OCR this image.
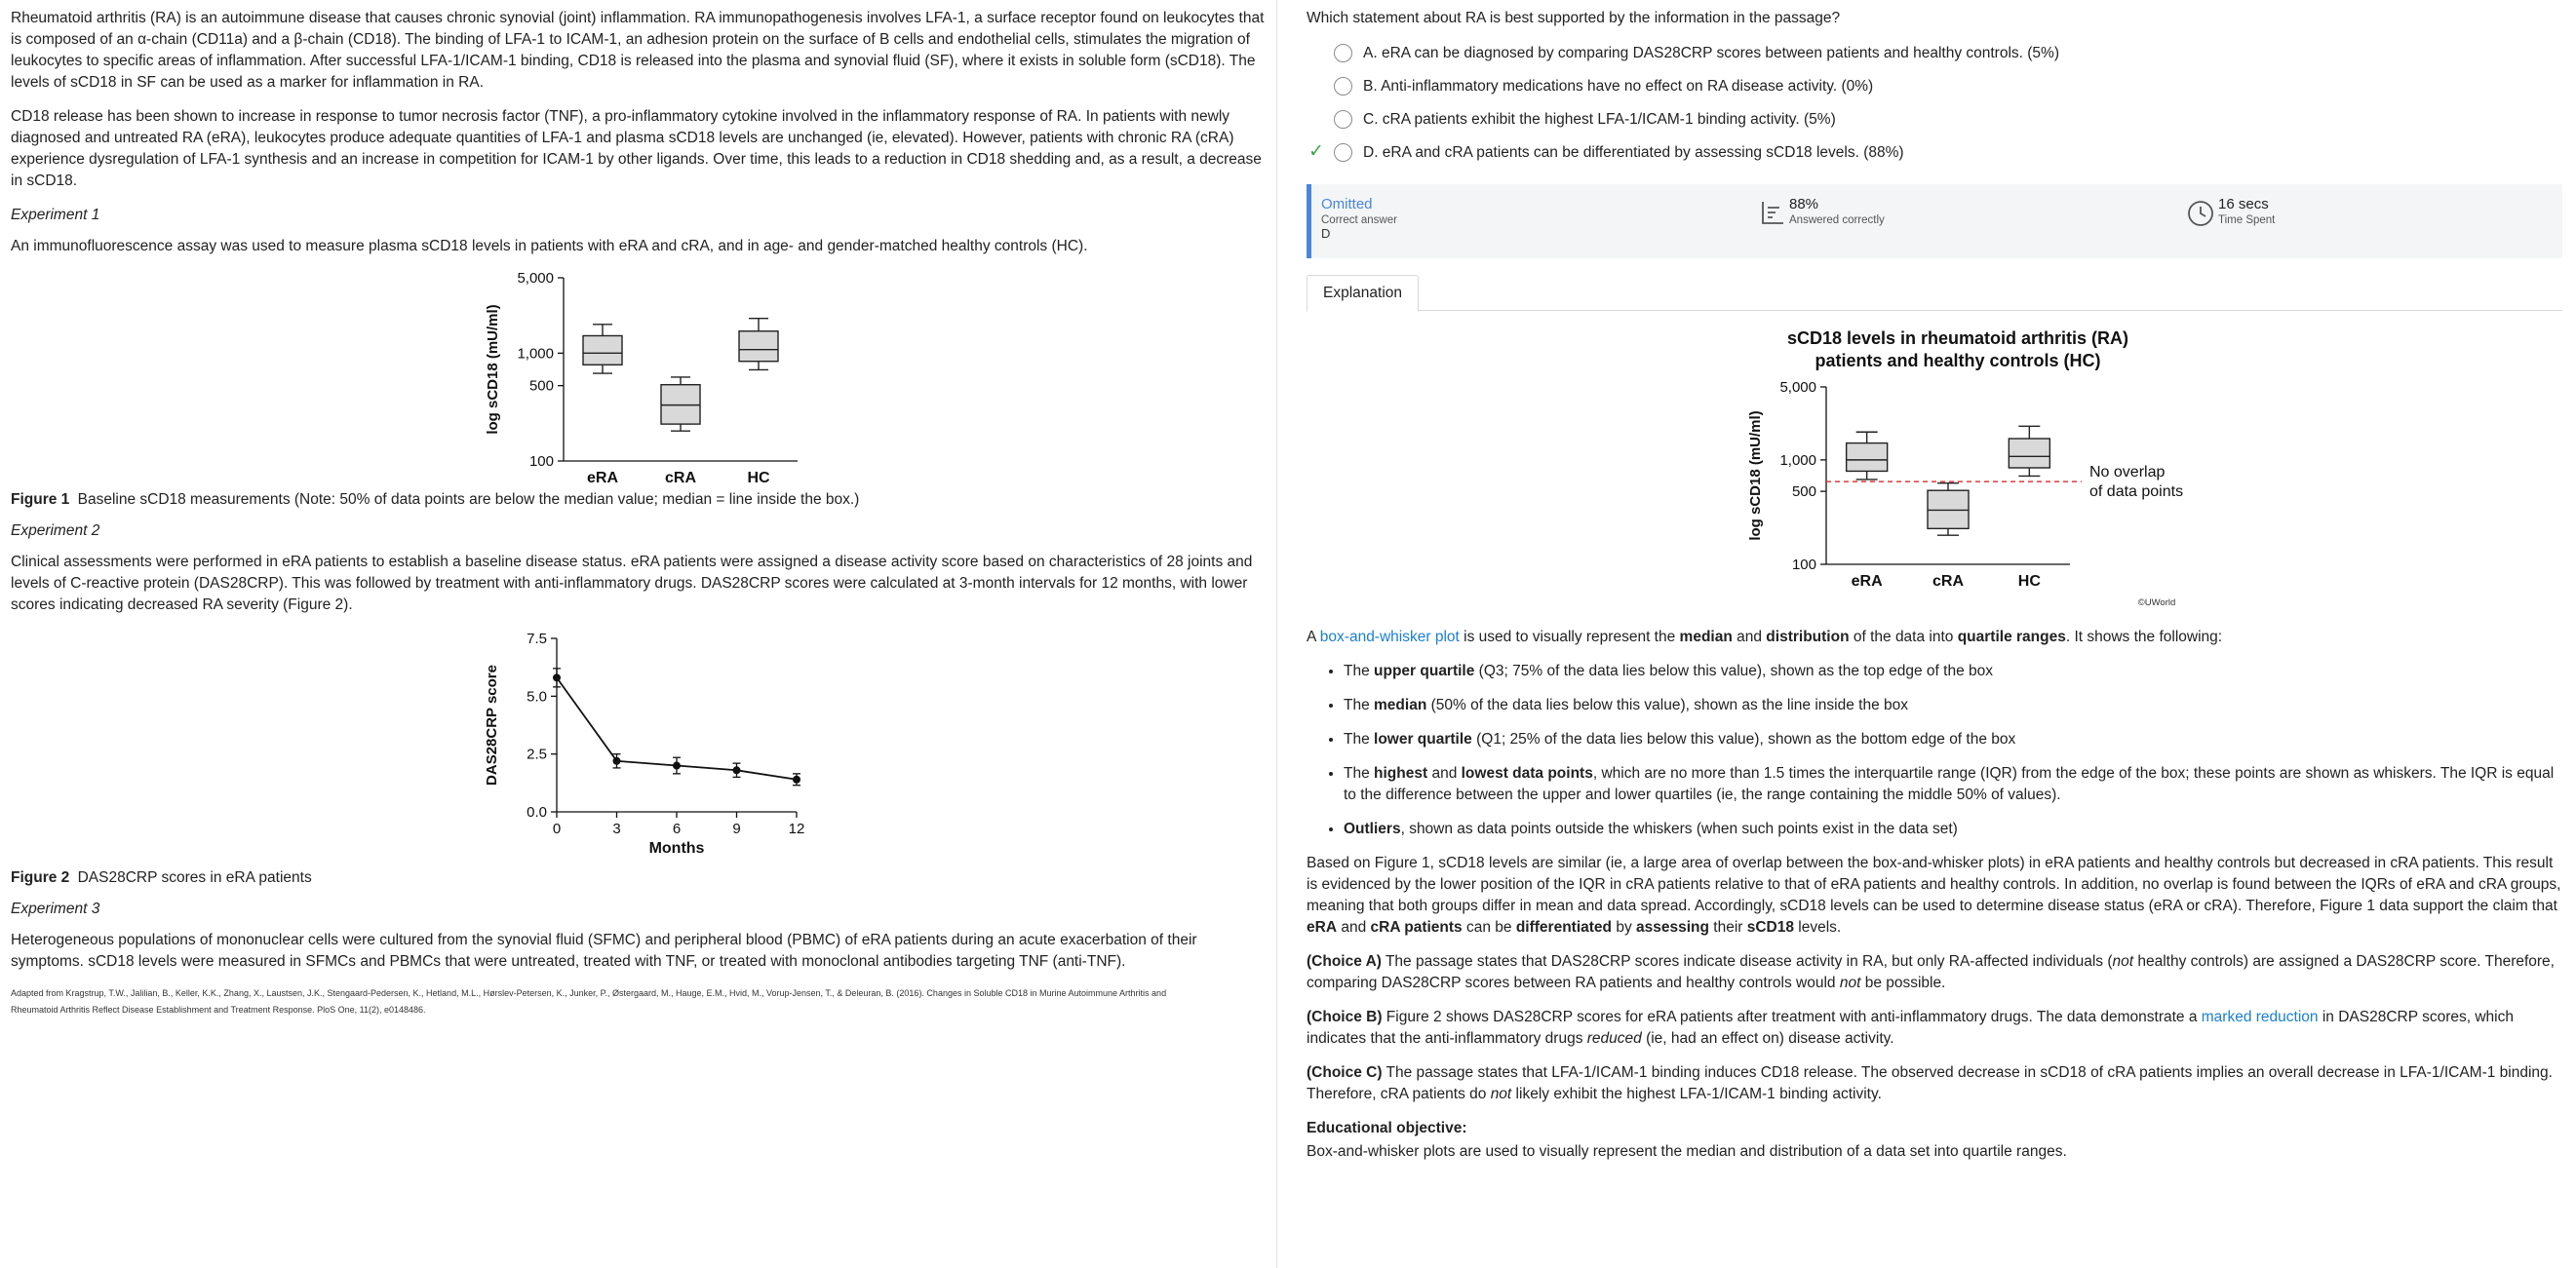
Rheumatoid arthritis (RA) is an autoimmune disease that causes chronic synovial (joint) inflammation. RA immunopathogenesis involves LFA-1, a surface receptor found on leukocytes that is composed of an α-chain (CD11a) and a β-chain (CD18). The binding of LFA-1 to ICAM-1, an adhesion protein on the surface of B cells and endothelial cells, stimulates the migration of leukocytes to specific areas of inflammation. After successful LFA-1/ICAM-1 binding, CD18 is released into the plasma and synovial fluid (SF), where it exists in soluble form (sCD18). The levels of sCD18 in SF can be used as a marker for inflammation in RA.

CD18 release has been shown to increase in response to tumor necrosis factor (TNF), a pro-inflammatory cytokine involved in the inflammatory response of RA. In patients with newly diagnosed and untreated RA (eRA), leukocytes produce adequate quantities of LFA-1 and plasma sCD18 levels are unchanged (ie, elevated). However, patients with chronic RA (cRA) experience dysregulation of LFA-1 synthesis and an increase in competition for ICAM-1 by other ligands. Over time, this leads to a reduction in CD18 shedding and, as a result, a decrease in sCD18.

Experiment 1

An immunofluorescence assay was used to measure plasma sCD18 levels in patients with eRA and cRA, and in age- and gender-matched healthy controls (HC).

100
500
1,000
5,000
log sCD18 (mU/ml)
eRA	cRA	HC
Figure 1 Baseline sCD18 measurements (Note: 50% of data points are below the median value; median = line inside the box.)
Experiment 2

Clinical assessments were performed in eRA patients to establish a baseline disease status. eRA patients were assigned a disease activity score based on characteristics of 28 joints and levels of C-reactive protein (DAS28CRP). This was followed by treatment with anti-inflammatory drugs. DAS28CRP scores were calculated at 3-month intervals for 12 months, with lower scores indicating decreased RA severity (Figure 2).

0.0
2.5
5.0
7.5
0	3	6	9	12
Months
DAS28CRP score
Figure 2 DAS28CRP scores in eRA patients
Experiment 3

Heterogeneous populations of mononuclear cells were cultured from the synovial fluid (SFMC) and peripheral blood (PBMC) of eRA patients during an acute exacerbation of their symptoms. sCD18 levels were measured in SFMCs and PBMCs that were untreated, treated with TNF, or treated with monoclonal antibodies targeting TNF (anti-TNF).

Adapted from Kragstrup, T.W., Jalilian, B., Keller, K.K., Zhang, X., Laustsen, J.K., Stengaard-Pedersen, K., Hetland, M.L., Hørslev-Petersen, K., Junker, P., Østergaard, M., Hauge, E.M., Hvid, M., Vorup-Jensen, T., & Deleuran, B. (2016). Changes in Soluble CD18 in Murine Autoimmune Arthritis and
Rheumatoid Arthritis Reflect Disease Establishment and Treatment Response. PloS One, 11(2), e0148486.
Which statement about RA is best supported by the information in the passage?
A. eRA can be diagnosed by comparing DAS28CRP scores between patients and healthy controls. (5%)
B. Anti-inflammatory medications have no effect on RA disease activity. (0%)
C. cRA patients exhibit the highest LFA-1/ICAM-1 binding activity. (5%)
✓	D. eRA and cRA patients can be differentiated by assessing sCD18 levels. (88%)
Omitted
Correct answer
D
88%
Answered correctly
16 secs
Time Spent
Explanation
sCD18 levels in rheumatoid arthritis (RA)
patients and healthy controls (HC)
100
500
1,000
5,000
log sCD18 (mU/ml)
eRA	cRA	HC
No overlap
of data points
©UWorld

A box-and-whisker plot is used to visually represent the median and distribution of the data into quartile ranges. It shows the following:

• The upper quartile (Q3; 75% of the data lies below this value), shown as the top edge of the box
• The median (50% of the data lies below this value), shown as the line inside the box
• The lower quartile (Q1; 25% of the data lies below this value), shown as the bottom edge of the box
• The highest and lowest data points, which are no more than 1.5 times the interquartile range (IQR) from the edge of the box; these points are shown as whiskers. The IQR is equal to the difference between the upper and lower quartiles (ie, the range containing the middle 50% of values).
• Outliers, shown as data points outside the whiskers (when such points exist in the data set)

Based on Figure 1, sCD18 levels are similar (ie, a large area of overlap between the box-and-whisker plots) in eRA patients and healthy controls but decreased in cRA patients. This result is evidenced by the lower position of the IQR in cRA patients relative to that of eRA patients and healthy controls. In addition, no overlap is found between the IQRs of eRA and cRA groups, meaning that both groups differ in mean and data spread. Accordingly, sCD18 levels can be used to determine disease status (eRA or cRA). Therefore, Figure 1 data support the claim that eRA and cRA patients can be differentiated by assessing their sCD18 levels.

(Choice A) The passage states that DAS28CRP scores indicate disease activity in RA, but only RA-affected individuals (not healthy controls) are assigned a DAS28CRP score. Therefore, comparing DAS28CRP scores between RA patients and healthy controls would not be possible.

(Choice B) Figure 2 shows DAS28CRP scores for eRA patients after treatment with anti-inflammatory drugs. The data demonstrate a marked reduction in DAS28CRP scores, which indicates that the anti-inflammatory drugs reduced (ie, had an effect on) disease activity.

(Choice C) The passage states that LFA-1/ICAM-1 binding induces CD18 release. The observed decrease in sCD18 of cRA patients implies an overall decrease in LFA-1/ICAM-1 binding. Therefore, cRA patients do not likely exhibit the highest LFA-1/ICAM-1 binding activity.

Educational objective:
Box-and-whisker plots are used to visually represent the median and distribution of a data set into quartile ranges.
